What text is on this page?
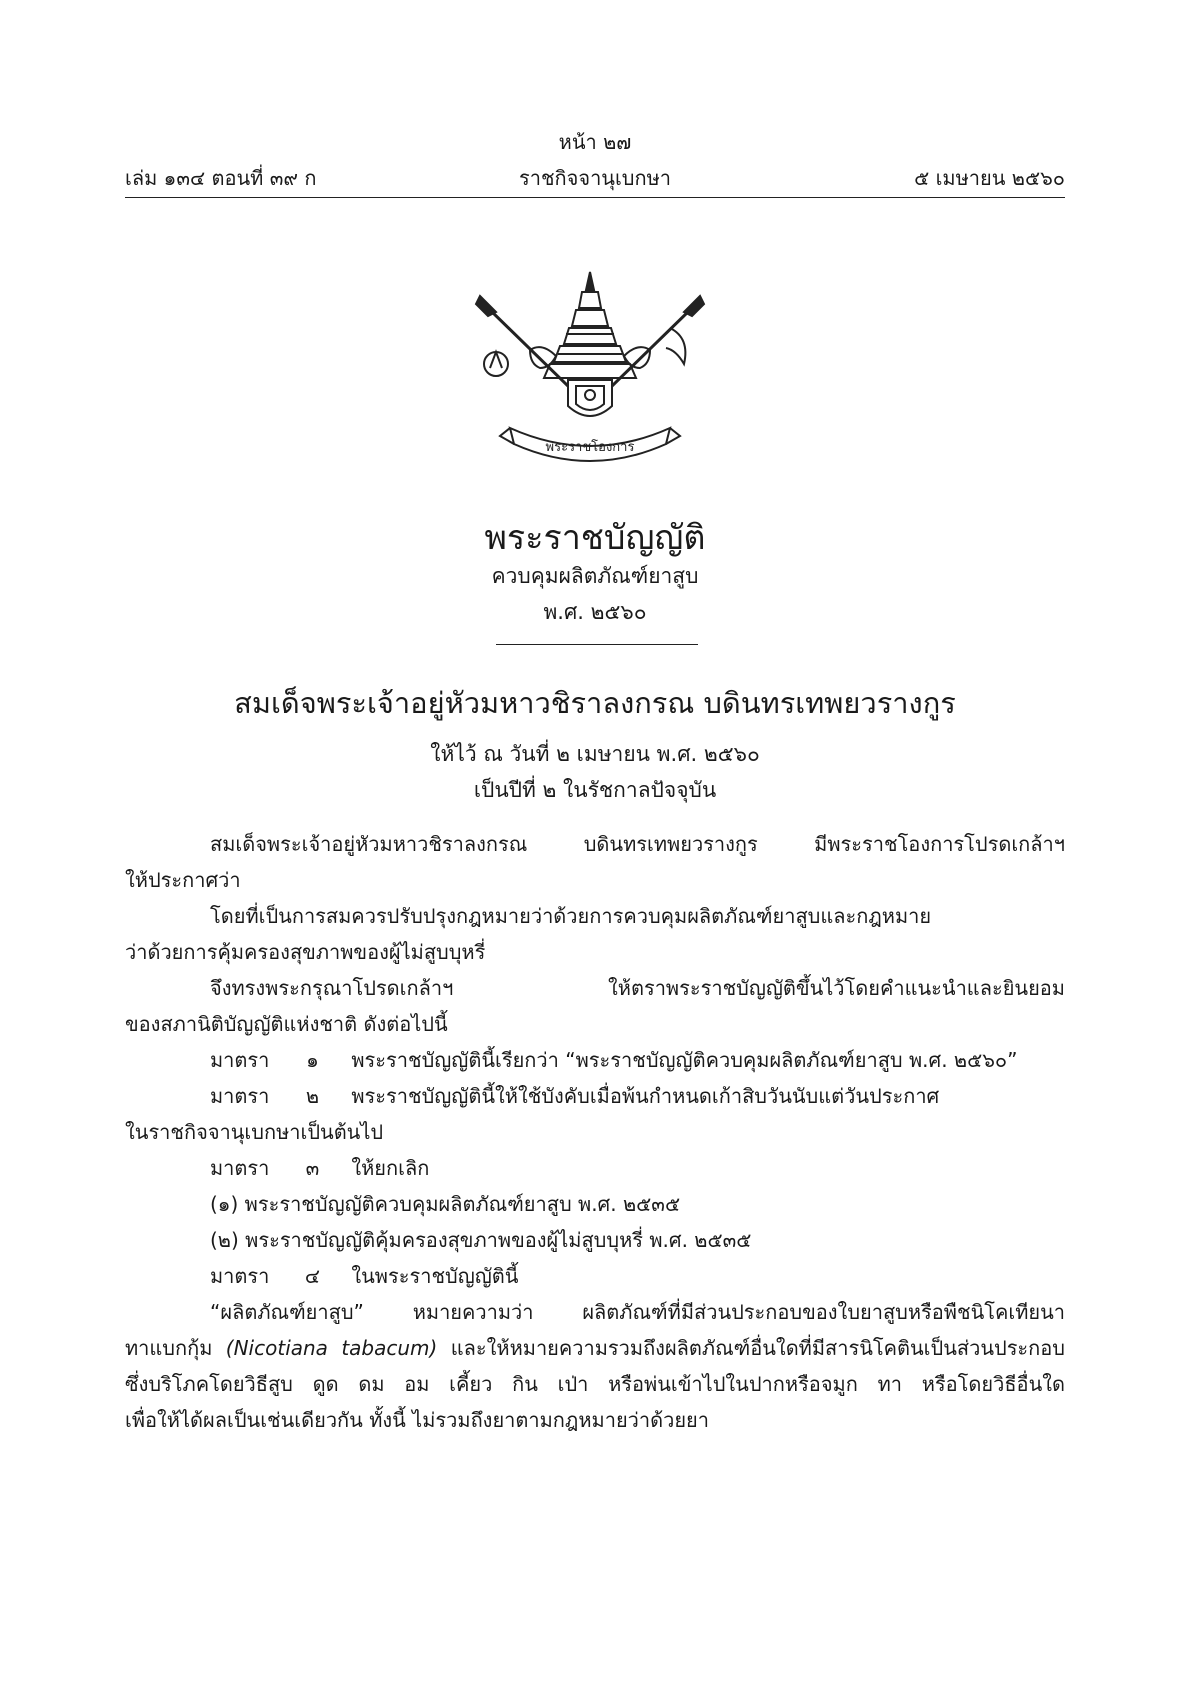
หน้า ๒๗
เล่ม ๑๓๔ ตอนที่ ๓๙ ก	ราชกิจจานุเบกษา	๕ เมษายน ๒๕๖๐
พระราชโองการ
พระราชบัญญัติ
ควบคุมผลิตภัณฑ์ยาสูบ
พ.ศ. ๒๕๖๐
สมเด็จพระเจ้าอยู่หัวมหาวชิราลงกรณ บดินทรเทพยวรางกูร
ให้ไว้ ณ วันที่ ๒ เมษายน พ.ศ. ๒๕๖๐
เป็นปีที่ ๒ ในรัชกาลปัจจุบัน
สมเด็จพระเจ้าอยู่หัวมหาวชิราลงกรณ บดินทรเทพยวรางกูร มีพระราชโองการโปรดเกล้าฯ
ให้ประกาศว่า
โดยที่เป็นการสมควรปรับปรุงกฎหมายว่าด้วยการควบคุมผลิตภัณฑ์ยาสูบและกฎหมาย
ว่าด้วยการคุ้มครองสุขภาพของผู้ไม่สูบบุหรี่
จึงทรงพระกรุณาโปรดเกล้าฯ ให้ตราพระราชบัญญัติขึ้นไว้โดยคำแนะนำและยินยอม
ของสภานิติบัญญัติแห่งชาติ ดังต่อไปนี้
มาตรา ๑ พระราชบัญญัตินี้เรียกว่า “พระราชบัญญัติควบคุมผลิตภัณฑ์ยาสูบ พ.ศ. ๒๕๖๐”
มาตรา ๒ พระราชบัญญัตินี้ให้ใช้บังคับเมื่อพ้นกำหนดเก้าสิบวันนับแต่วันประกาศ
ในราชกิจจานุเบกษาเป็นต้นไป
มาตรา ๓ ให้ยกเลิก
(๑) พระราชบัญญัติควบคุมผลิตภัณฑ์ยาสูบ พ.ศ. ๒๕๓๕
(๒) พระราชบัญญัติคุ้มครองสุขภาพของผู้ไม่สูบบุหรี่ พ.ศ. ๒๕๓๕
มาตรา ๔ ในพระราชบัญญัตินี้
“ผลิตภัณฑ์ยาสูบ” หมายความว่า ผลิตภัณฑ์ที่มีส่วนประกอบของใบยาสูบหรือพืชนิโคเทียนา
ทาแบกกุ้ม (Nicotiana tabacum) และให้หมายความรวมถึงผลิตภัณฑ์อื่นใดที่มีสารนิโคตินเป็นส่วนประกอบ
ซึ่งบริโภคโดยวิธีสูบ ดูด ดม อม เคี้ยว กิน เป่า หรือพ่นเข้าไปในปากหรือจมูก ทา หรือโดยวิธีอื่นใด
เพื่อให้ได้ผลเป็นเช่นเดียวกัน ทั้งนี้ ไม่รวมถึงยาตามกฎหมายว่าด้วยยา
